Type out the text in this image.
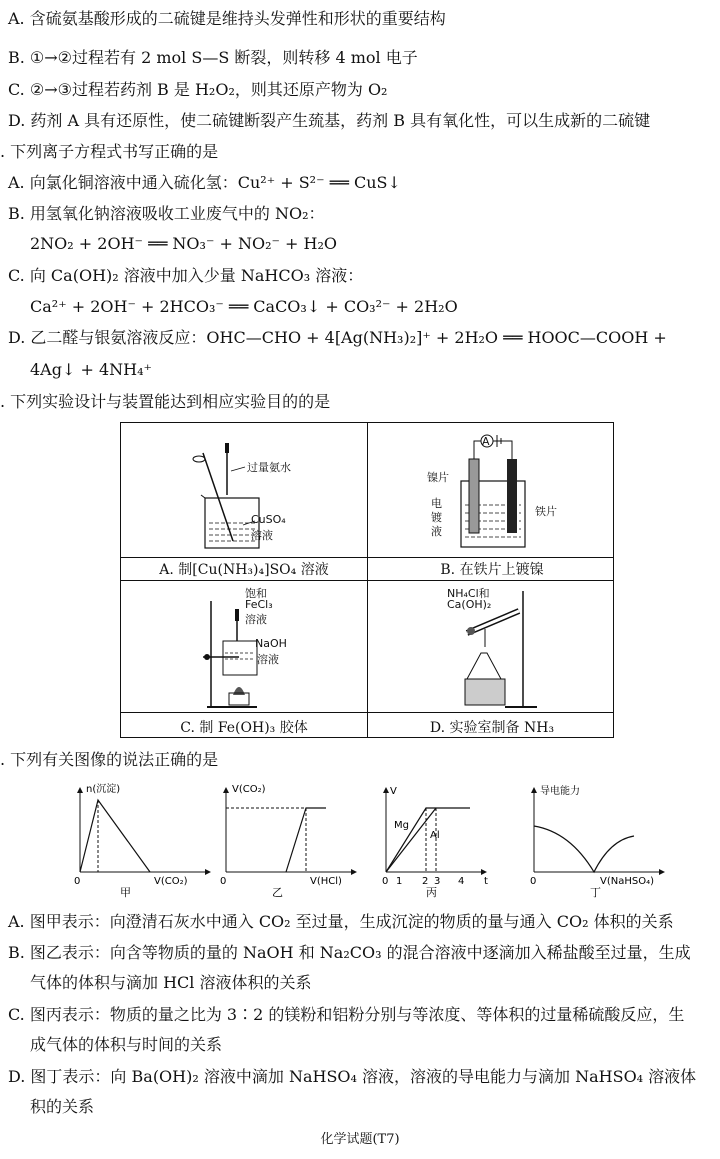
A. 含硫氨基酸形成的二硫键是维持头发弹性和形状的重要结构
B. ①→②过程若有 2 mol S—S 断裂，则转移 4 mol 电子
C. ②→③过程若药剂 B 是 H₂O₂，则其还原产物为 O₂
D. 药剂 A 具有还原性，使二硫键断裂产生巯基，药剂 B 具有氧化性，可以生成新的二硫键
. 下列离子方程式书写正确的是
A. 向氯化铜溶液中通入硫化氢：Cu²⁺ + S²⁻ ══ CuS↓
B. 用氢氧化钠溶液吸收工业废气中的 NO₂：
2NO₂ + 2OH⁻ ══ NO₃⁻ + NO₂⁻ + H₂O
C. 向 Ca(OH)₂ 溶液中加入少量 NaHCO₃ 溶液：
Ca²⁺ + 2OH⁻ + 2HCO₃⁻ ══ CaCO₃↓ + CO₃²⁻ + 2H₂O
D. 乙二醛与银氨溶液反应：OHC—CHO + 4[Ag(NH₃)₂]⁺ + 2H₂O ══ HOOC—COOH +
4Ag↓ + 4NH₄⁺
. 下列实验设计与装置能达到相应实验目的的是
过量氨水
CuSO₄
溶液
A. 制[Cu(NH₃)₄]SO₄ 溶液
A
镍片
电
镀
液
铁片
B. 在铁片上镀镍
饱和
FeCl₃
溶液
NaOH
溶液
C. 制 Fe(OH)₃ 胶体
NH₄Cl和
Ca(OH)₂
D. 实验室制备 NH₃
. 下列有关图像的说法正确的是
n(沉淀)
0	V(CO₂)
甲
V(CO₂)
0	V(HCl)
乙
V
0 1 2 3 4 t
Mg
Al
丙
导电能力
0	V(NaHSO₄)
丁
A. 图甲表示：向澄清石灰水中通入 CO₂ 至过量，生成沉淀的物质的量与通入 CO₂ 体积的关系
B. 图乙表示：向含等物质的量的 NaOH 和 Na₂CO₃ 的混合溶液中逐滴加入稀盐酸至过量，生成
气体的体积与滴加 HCl 溶液体积的关系
C. 图丙表示：物质的量之比为 3∶2 的镁粉和铝粉分别与等浓度、等体积的过量稀硫酸反应，生
成气体的体积与时间的关系
D. 图丁表示：向 Ba(OH)₂ 溶液中滴加 NaHSO₄ 溶液，溶液的导电能力与滴加 NaHSO₄ 溶液体
积的关系
化学试题(T7)
